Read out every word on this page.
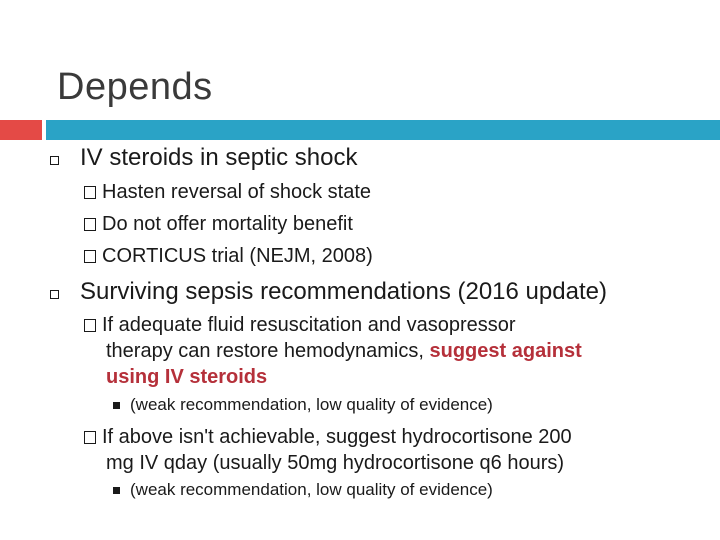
Depends
IV steroids in septic shock
Hasten reversal of shock state
Do not offer mortality benefit
CORTICUS trial (NEJM, 2008)
Surviving sepsis recommendations (2016 update)
If adequate fluid resuscitation and vasopressor
therapy can restore hemodynamics, suggest against
using IV steroids
(weak recommendation, low quality of evidence)
If above isn't achievable, suggest hydrocortisone 200
mg IV qday (usually 50mg hydrocortisone q6 hours)
(weak recommendation, low quality of evidence)
